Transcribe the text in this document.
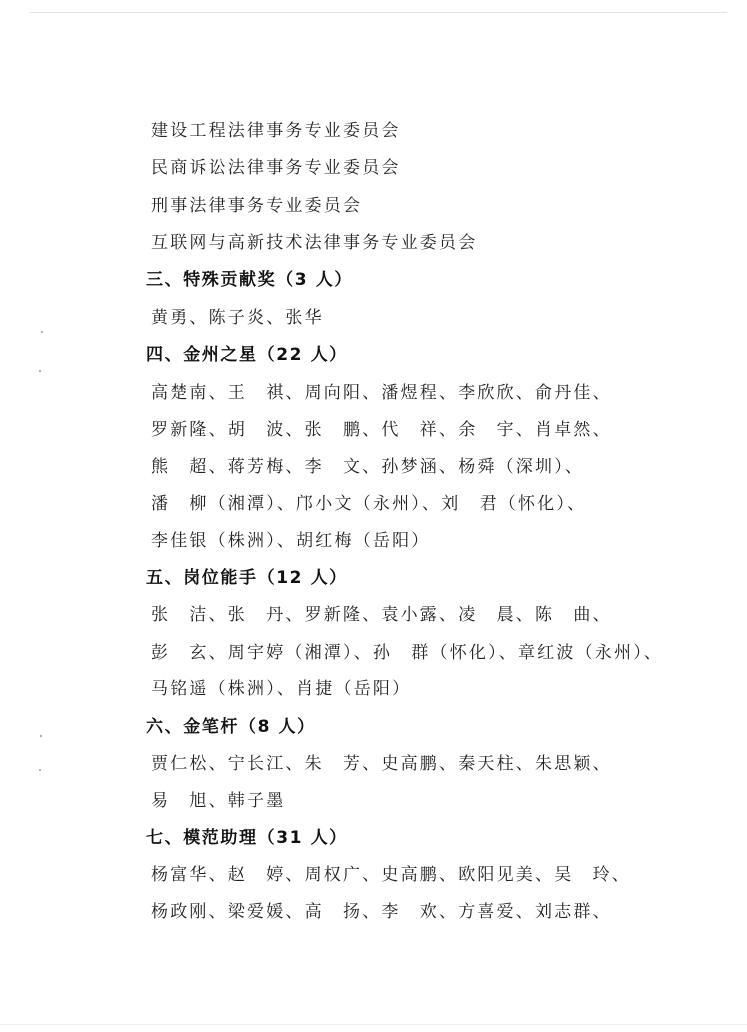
建设工程法律事务专业委员会
民商诉讼法律事务专业委员会
刑事法律事务专业委员会
互联网与高新技术法律事务专业委员会
三、特殊贡献奖（3 人）
黄勇、陈子炎、张华
四、金州之星（22 人）
高楚南、王　祺、周向阳、潘煜程、李欣欣、俞丹佳、
罗新隆、胡　波、张　鹏、代　祥、余　宇、肖卓然、
熊　超、蒋芳梅、李　文、孙梦涵、杨舜（深圳）、
潘　柳（湘潭）、邝小文（永州）、刘　君（怀化）、
李佳银（株洲）、胡红梅（岳阳）
五、岗位能手（12 人）
张　洁、张　丹、罗新隆、袁小露、凌　晨、陈　曲、
彭　玄、周宇婷（湘潭）、孙　群（怀化）、章红波（永州）、
马铭遥（株洲）、肖捷（岳阳）
六、金笔杆（8 人）
贾仁松、宁长江、朱　芳、史高鹏、秦天柱、朱思颖、
易　旭、韩子墨
七、模范助理（31 人）
杨富华、赵　婷、周权广、史高鹏、欧阳见美、吴　玲、
杨政刚、梁爱媛、高　扬、李　欢、方喜爱、刘志群、
